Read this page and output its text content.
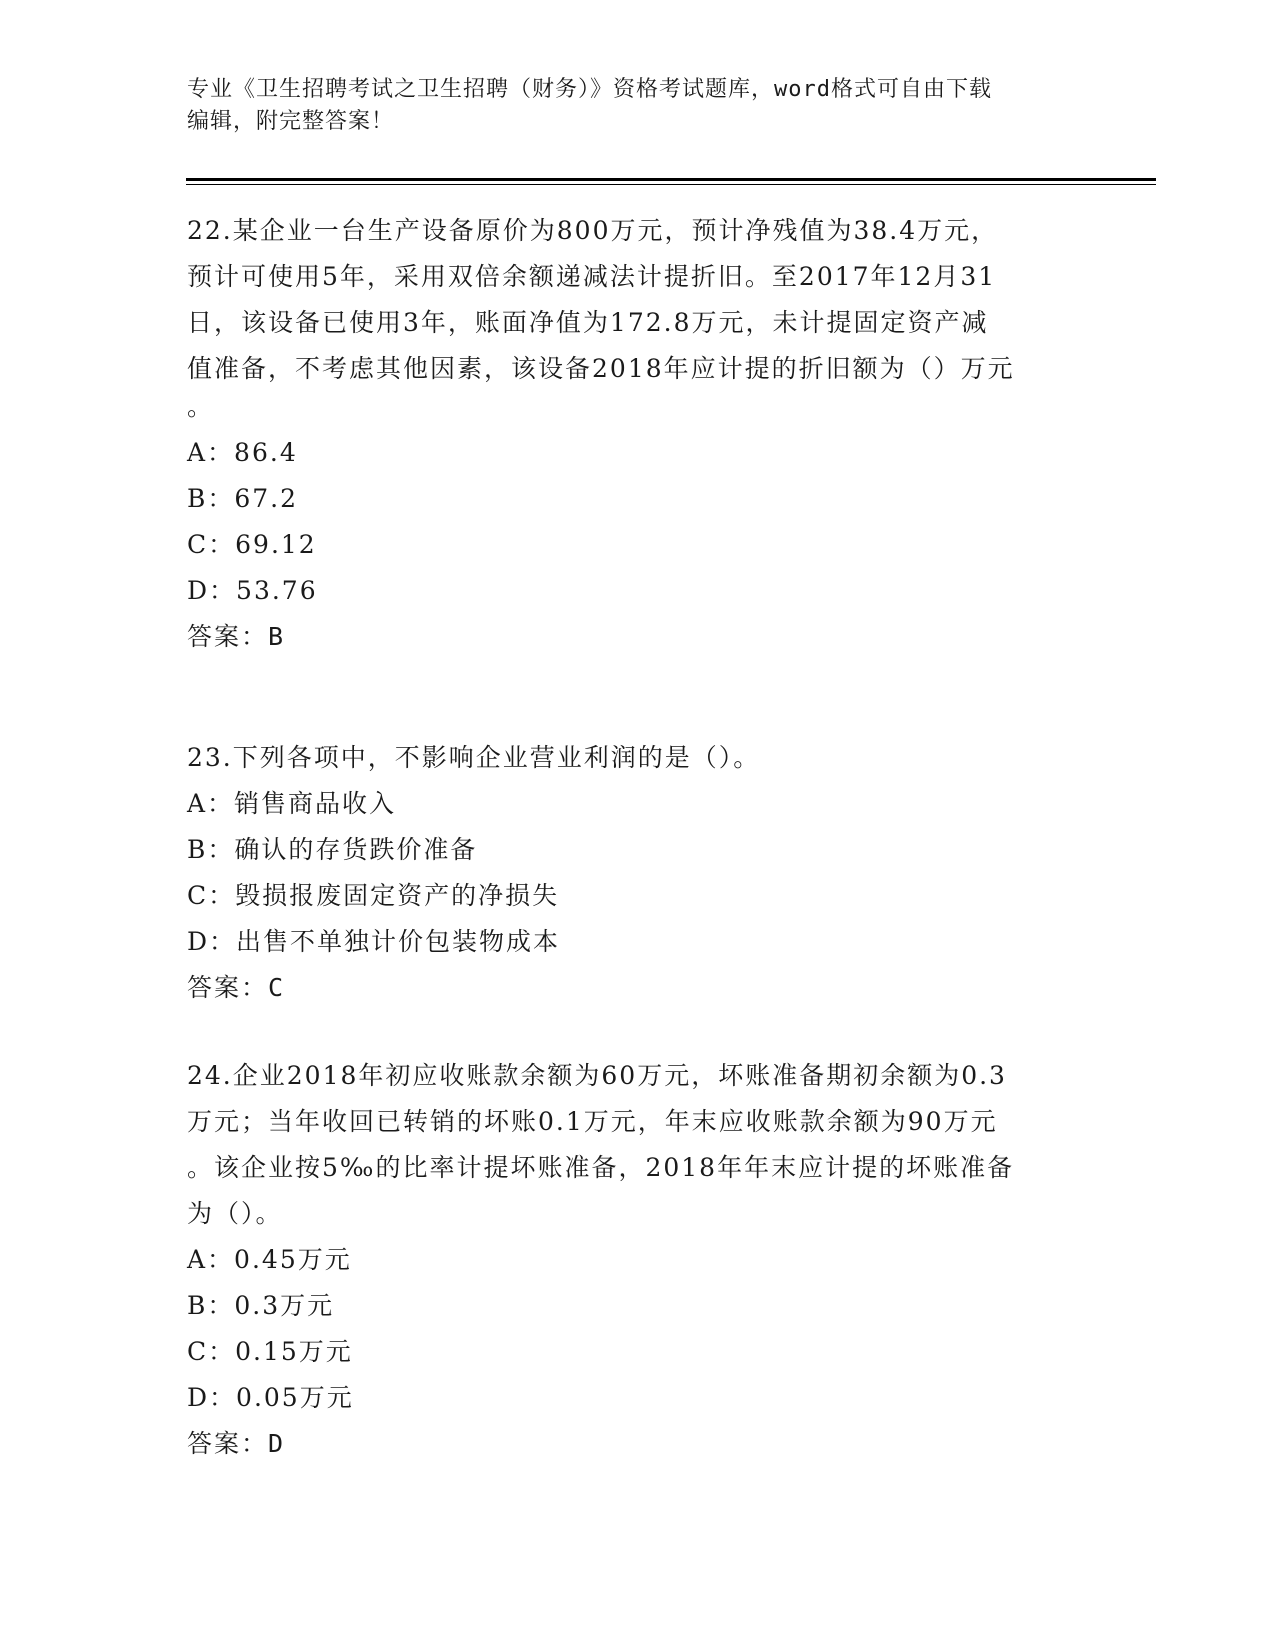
专业《卫生招聘考试之卫生招聘（财务）》资格考试题库，word格式可自由下载

编辑，附完整答案！

22.某企业一台生产设备原价为800万元，预计净残值为38.4万元，
预计可使用5年，采用双倍余额递减法计提折旧。至2017年12月31
日，该设备已使用3年，账面净值为172.8万元，未计提固定资产减
值准备，不考虑其他因素，该设备2018年应计提的折旧额为（）万元
。
A：86.4
B：67.2
C：69.12
D：53.76
答案：B
23.下列各项中，不影响企业营业利润的是（）。
A：销售商品收入
B：确认的存货跌价准备
C：毁损报废固定资产的净损失
D：出售不单独计价包装物成本
答案：C
24.企业2018年初应收账款余额为60万元，坏账准备期初余额为0.3
万元；当年收回已转销的坏账0.1万元，年末应收账款余额为90万元
。该企业按5‰的比率计提坏账准备，2018年年末应计提的坏账准备
为（）。
A：0.45万元
B：0.3万元
C：0.15万元
D：0.05万元
答案：D
